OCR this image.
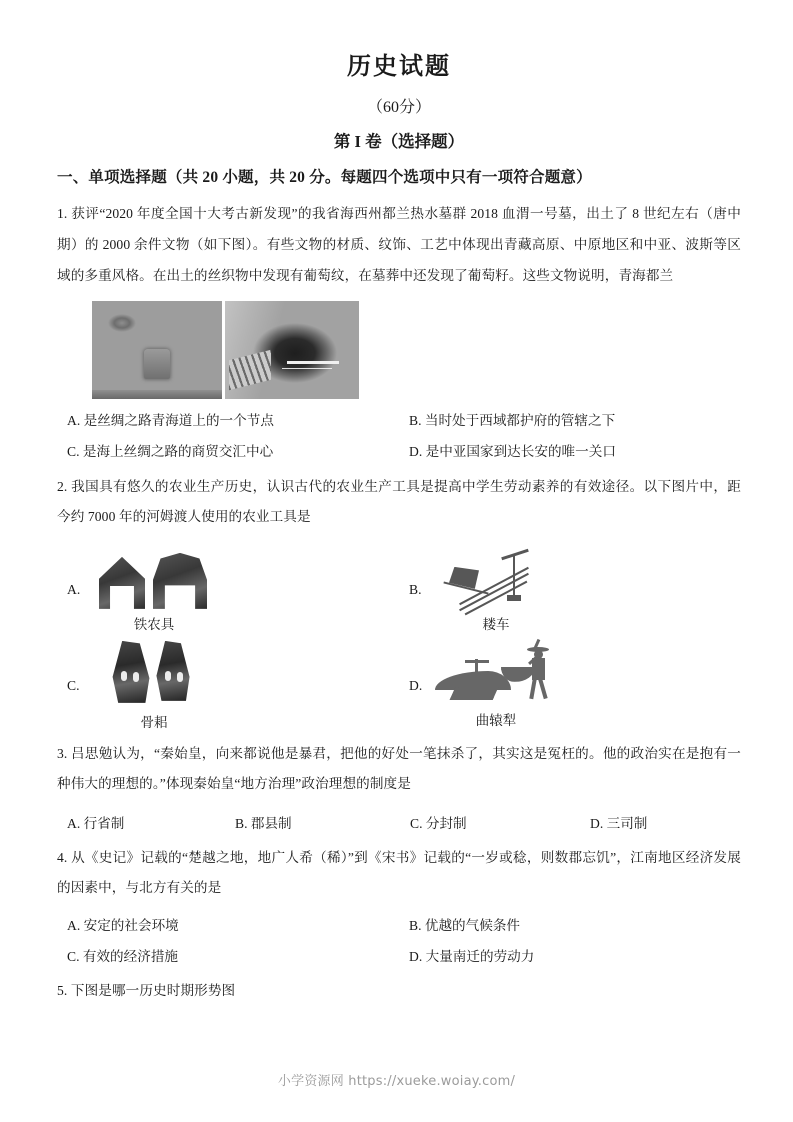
历史试题
（60分）
第 I 卷（选择题）
一、单项选择题（共 20 小题，共 20 分。每题四个选项中只有一项符合题意）

1. 获评“2020 年度全国十大考古新发现”的我省海西州都兰热水墓群 2018 血渭一号墓，出土了 8 世纪左右（唐中期）的 2000 余件文物（如下图）。有些文物的材质、纹饰、工艺中体现出青藏高原、中原地区和中亚、波斯等区域的多重风格。在出土的丝织物中发现有葡萄纹，在墓葬中还发现了葡萄籽。这些文物说明，青海都兰

A. 是丝绸之路青海道上的一个节点	B. 当时处于西域都护府的管辖之下
C. 是海上丝绸之路的商贸交汇中心	D. 是中亚国家到达长安的唯一关口

2. 我国具有悠久的农业生产历史，认识古代的农业生产工具是提高中学生劳动素养的有效途径。以下图片中，距今约 7000 年的河姆渡人使用的农业工具是

A.
铁农具
B.
耧车
C.
骨耜
D.
曲辕犁

3. 吕思勉认为，“秦始皇，向来都说他是暴君，把他的好处一笔抹杀了，其实这是冤枉的。他的政治实在是抱有一种伟大的理想的。”体现秦始皇“地方治理”政治理想的制度是

A. 行省制	B. 郡县制	C. 分封制	D. 三司制

4. 从《史记》记载的“楚越之地，地广人希（稀）”到《宋书》记载的“一岁或稔，则数郡忘饥”，江南地区经济发展的因素中，与北方有关的是

A. 安定的社会环境	B. 优越的气候条件
C. 有效的经济措施	D. 大量南迁的劳动力

5. 下图是哪一历史时期形势图

小学资源网 https://xueke.woiay.com/
